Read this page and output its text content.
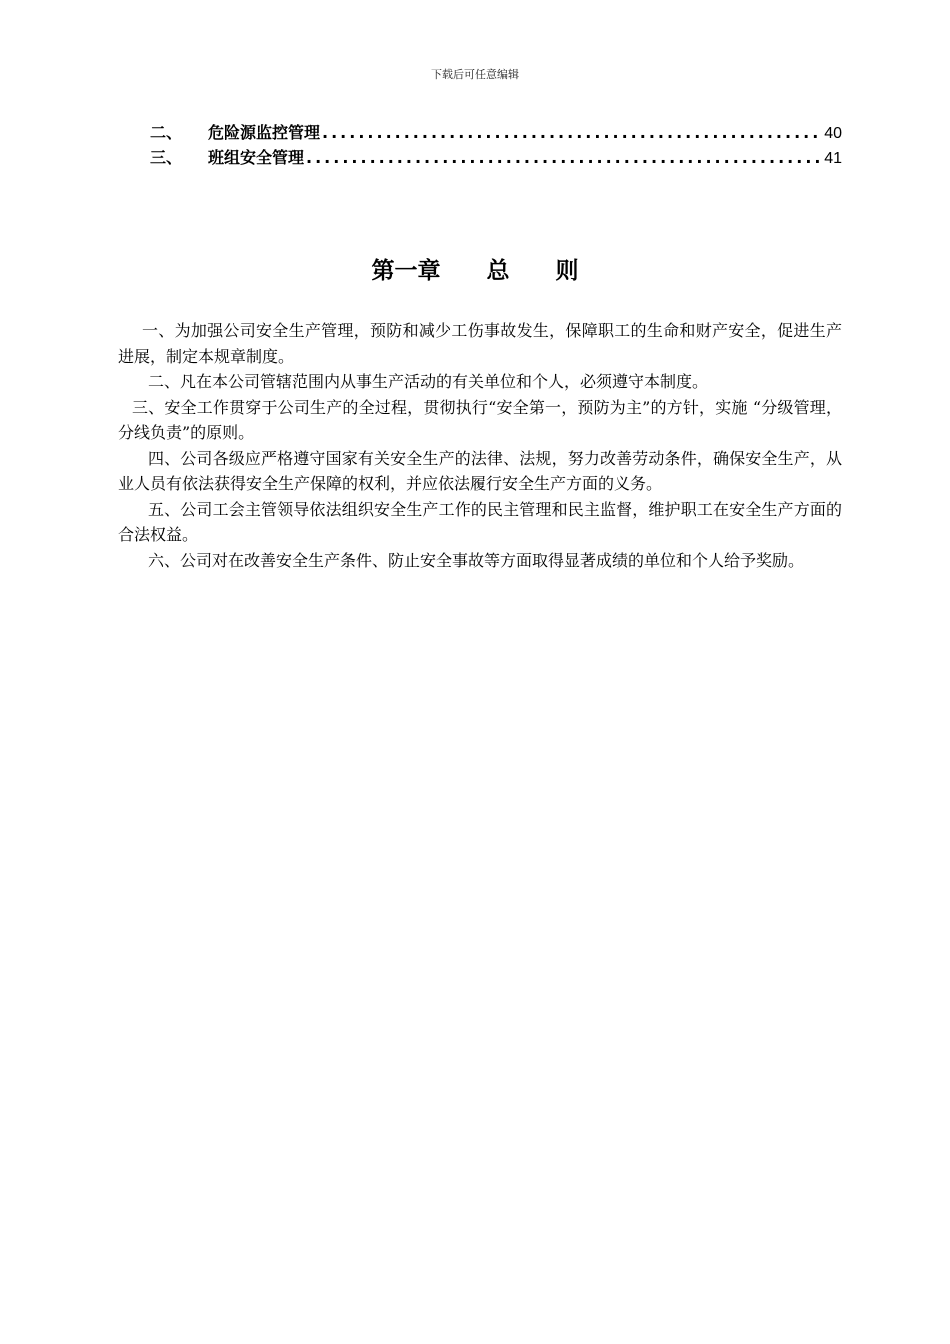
下载后可任意编辑
二、	危险源监控管理 .....	40
三、	班组安全管理 .....	41
第一章　　总　　则

一、为加强公司安全生产管理，预防和减少工伤事故发生，保障职工的生命和财产安全，促进生产进展，制定本规章制度。

二、凡在本公司管辖范围内从事生产活动的有关单位和个人，必须遵守本制度。

三、安全工作贯穿于公司生产的全过程，贯彻执行“安全第一，预防为主”的方针，实施 “分级管理，分线负责”的原则。

四、公司各级应严格遵守国家有关安全生产的法律、法规，努力改善劳动条件，确保安全生产，从业人员有依法获得安全生产保障的权利，并应依法履行安全生产方面的义务。

五、公司工会主管领导依法组织安全生产工作的民主管理和民主监督，维护职工在安全生产方面的合法权益。

六、公司对在改善安全生产条件、防止安全事故等方面取得显著成绩的单位和个人给予奖励。
